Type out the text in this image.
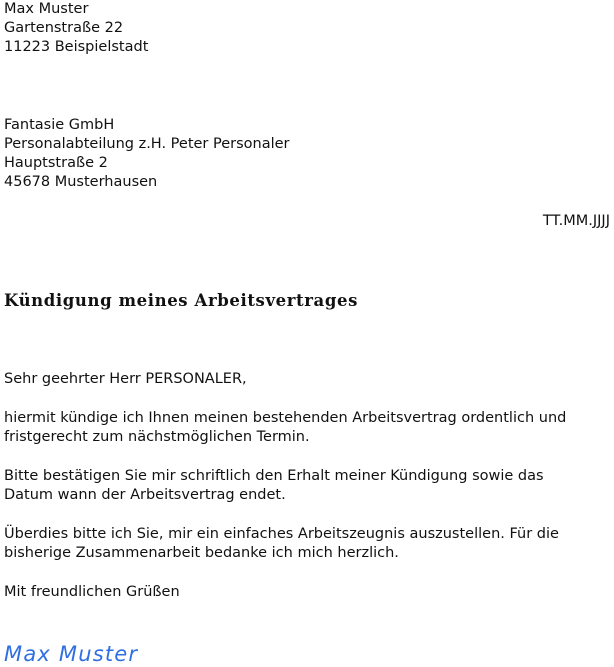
Max Muster
Gartenstraße 22
11223 Beispielstadt
Fantasie GmbH
Personalabteilung z.H. Peter Personaler
Hauptstraße 2
45678 Musterhausen
TT.MM.JJJJ
Kündigung meines Arbeitsvertrages
Sehr geehrter Herr PERSONALER,
hiermit kündige ich Ihnen meinen bestehenden Arbeitsvertrag ordentlich und
fristgerecht zum nächstmöglichen Termin.
Bitte bestätigen Sie mir schriftlich den Erhalt meiner Kündigung sowie das
Datum wann der Arbeitsvertrag endet.
Überdies bitte ich Sie, mir ein einfaches Arbeitszeugnis auszustellen. Für die
bisherige Zusammenarbeit bedanke ich mich herzlich.
Mit freundlichen Grüßen
Max Muster
